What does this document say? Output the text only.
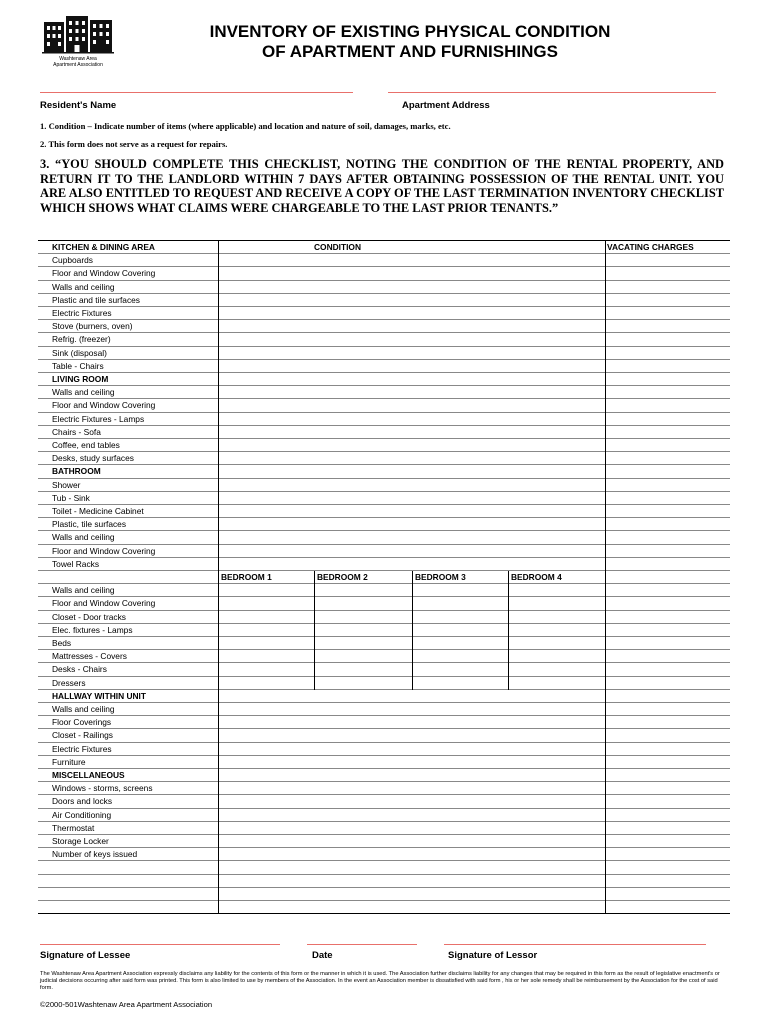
Washtenaw Area
Apartment Association
INVENTORY OF EXISTING PHYSICAL CONDITION
OF APARTMENT AND FURNISHINGS
Resident's Name	Apartment Address
1. Condition – Indicate number of items (where applicable) and location and nature of soil, damages, marks, etc.
2. This form does not serve as a request for repairs.
3. “YOU SHOULD COMPLETE THIS CHECKLIST, NOTING THE CONDITION OF THE RENTAL PROPERTY, AND RETURN IT TO THE LANDLORD WITHIN 7 DAYS AFTER OBTAINING POSSESSION OF THE RENTAL UNIT. YOU ARE ALSO ENTITLED TO REQUEST AND RECEIVE A COPY OF THE LAST TERMINATION INVENTORY CHECKLIST WHICH SHOWS WHAT CLAIMS WERE CHARGEABLE TO THE LAST PRIOR TENANTS.”
KITCHEN & DINING AREA	CONDITION	VACATING CHARGES
Cupboards
Floor and Window Covering
Walls and ceiling
Plastic and tile surfaces
Electric Fixtures
Stove (burners, oven)
Refrig. (freezer)
Sink (disposal)
Table - Chairs
LIVING ROOM
Walls and ceiling
Floor and Window Covering
Electric Fixtures - Lamps
Chairs - Sofa
Coffee, end tables
Desks, study surfaces
BATHROOM
Shower
Tub - Sink
Toilet - Medicine Cabinet
Plastic, tile surfaces
Walls and ceiling
Floor and Window Covering
Towel Racks
BEDROOM 1	BEDROOM 2	BEDROOM 3	BEDROOM 4
Walls and ceiling
Floor and Window Covering
Closet - Door tracks
Elec. fixtures - Lamps
Beds
Mattresses - Covers
Desks - Chairs
Dressers
HALLWAY WITHIN UNIT
Walls and ceiling
Floor Coverings
Closet - Railings
Electric Fixtures
Furniture
MISCELLANEOUS
Windows - storms, screens
Doors and locks
Air Conditioning
Thermostat
Storage Locker
Number of keys issued
Signature of Lessee	Date	Signature of Lessor
The Washtenaw Area Apartment Association expressly disclaims any liability for the contents of this form or the manner in which it is used. The Association further disclaims liability for any changes that may be required in this form as the result of legislative enactment's or judicial decisions occurring after said form was printed. This form is also limited to use by members of the Association. In the event an Association member is dissatisfied with said form , his or her sole remedy shall be reimbursement by the Association for the cost of said form.
©2000-501Washtenaw Area Apartment Association
